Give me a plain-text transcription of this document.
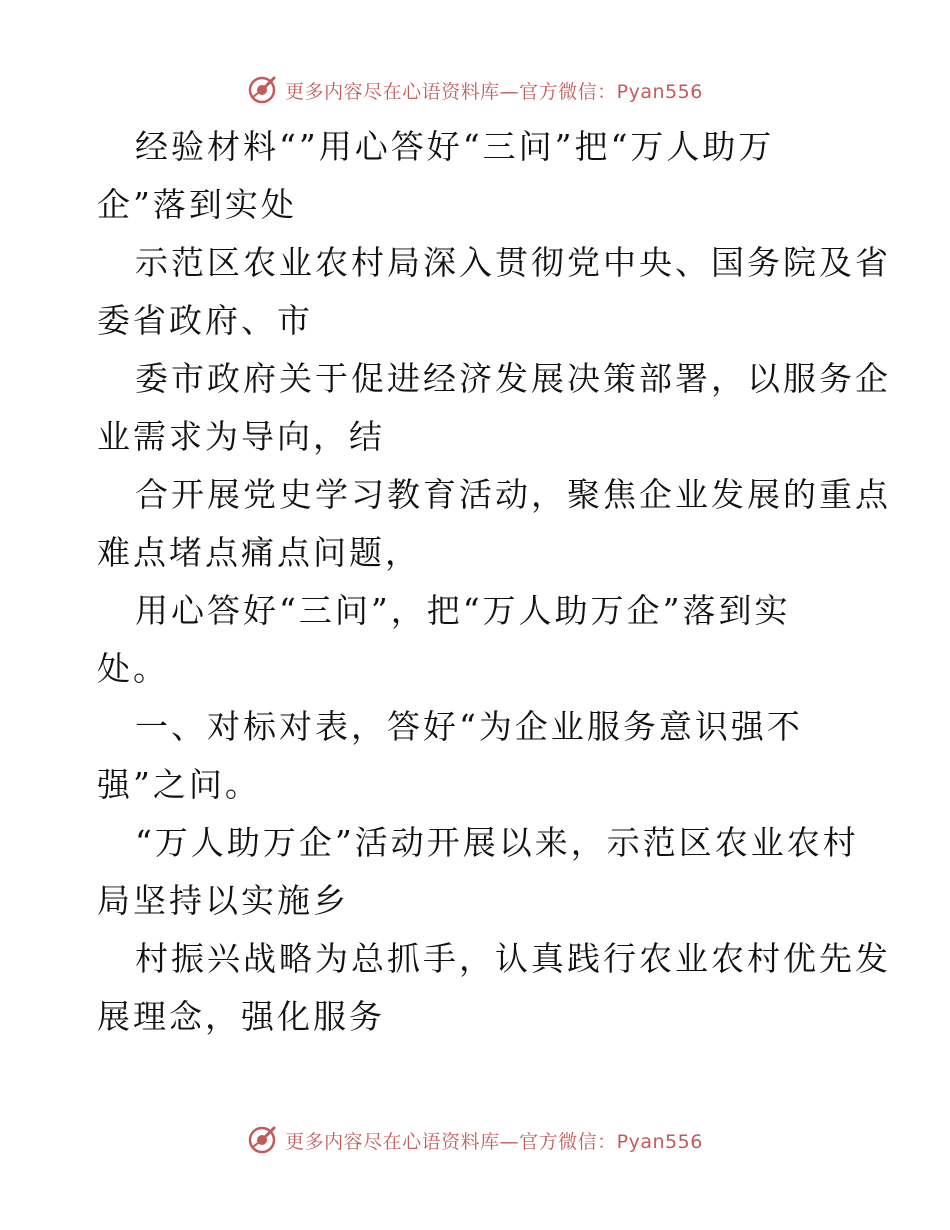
更多内容尽在心语资料库—官方微信：Pyan556
经验材料“”用心答好“三问”把“万人助万
企”落到实处
示范区农业农村局深入贯彻党中央、国务院及省
委省政府、市
委市政府关于促进经济发展决策部署，以服务企
业需求为导向，结
合开展党史学习教育活动，聚焦企业发展的重点
难点堵点痛点问题，
用心答好“三问”，把“万人助万企”落到实
处。
一、对标对表，答好“为企业服务意识强不
强”之问。
“万人助万企”活动开展以来，示范区农业农村
局坚持以实施乡
村振兴战略为总抓手，认真践行农业农村优先发
展理念，强化服务
更多内容尽在心语资料库—官方微信：Pyan556
